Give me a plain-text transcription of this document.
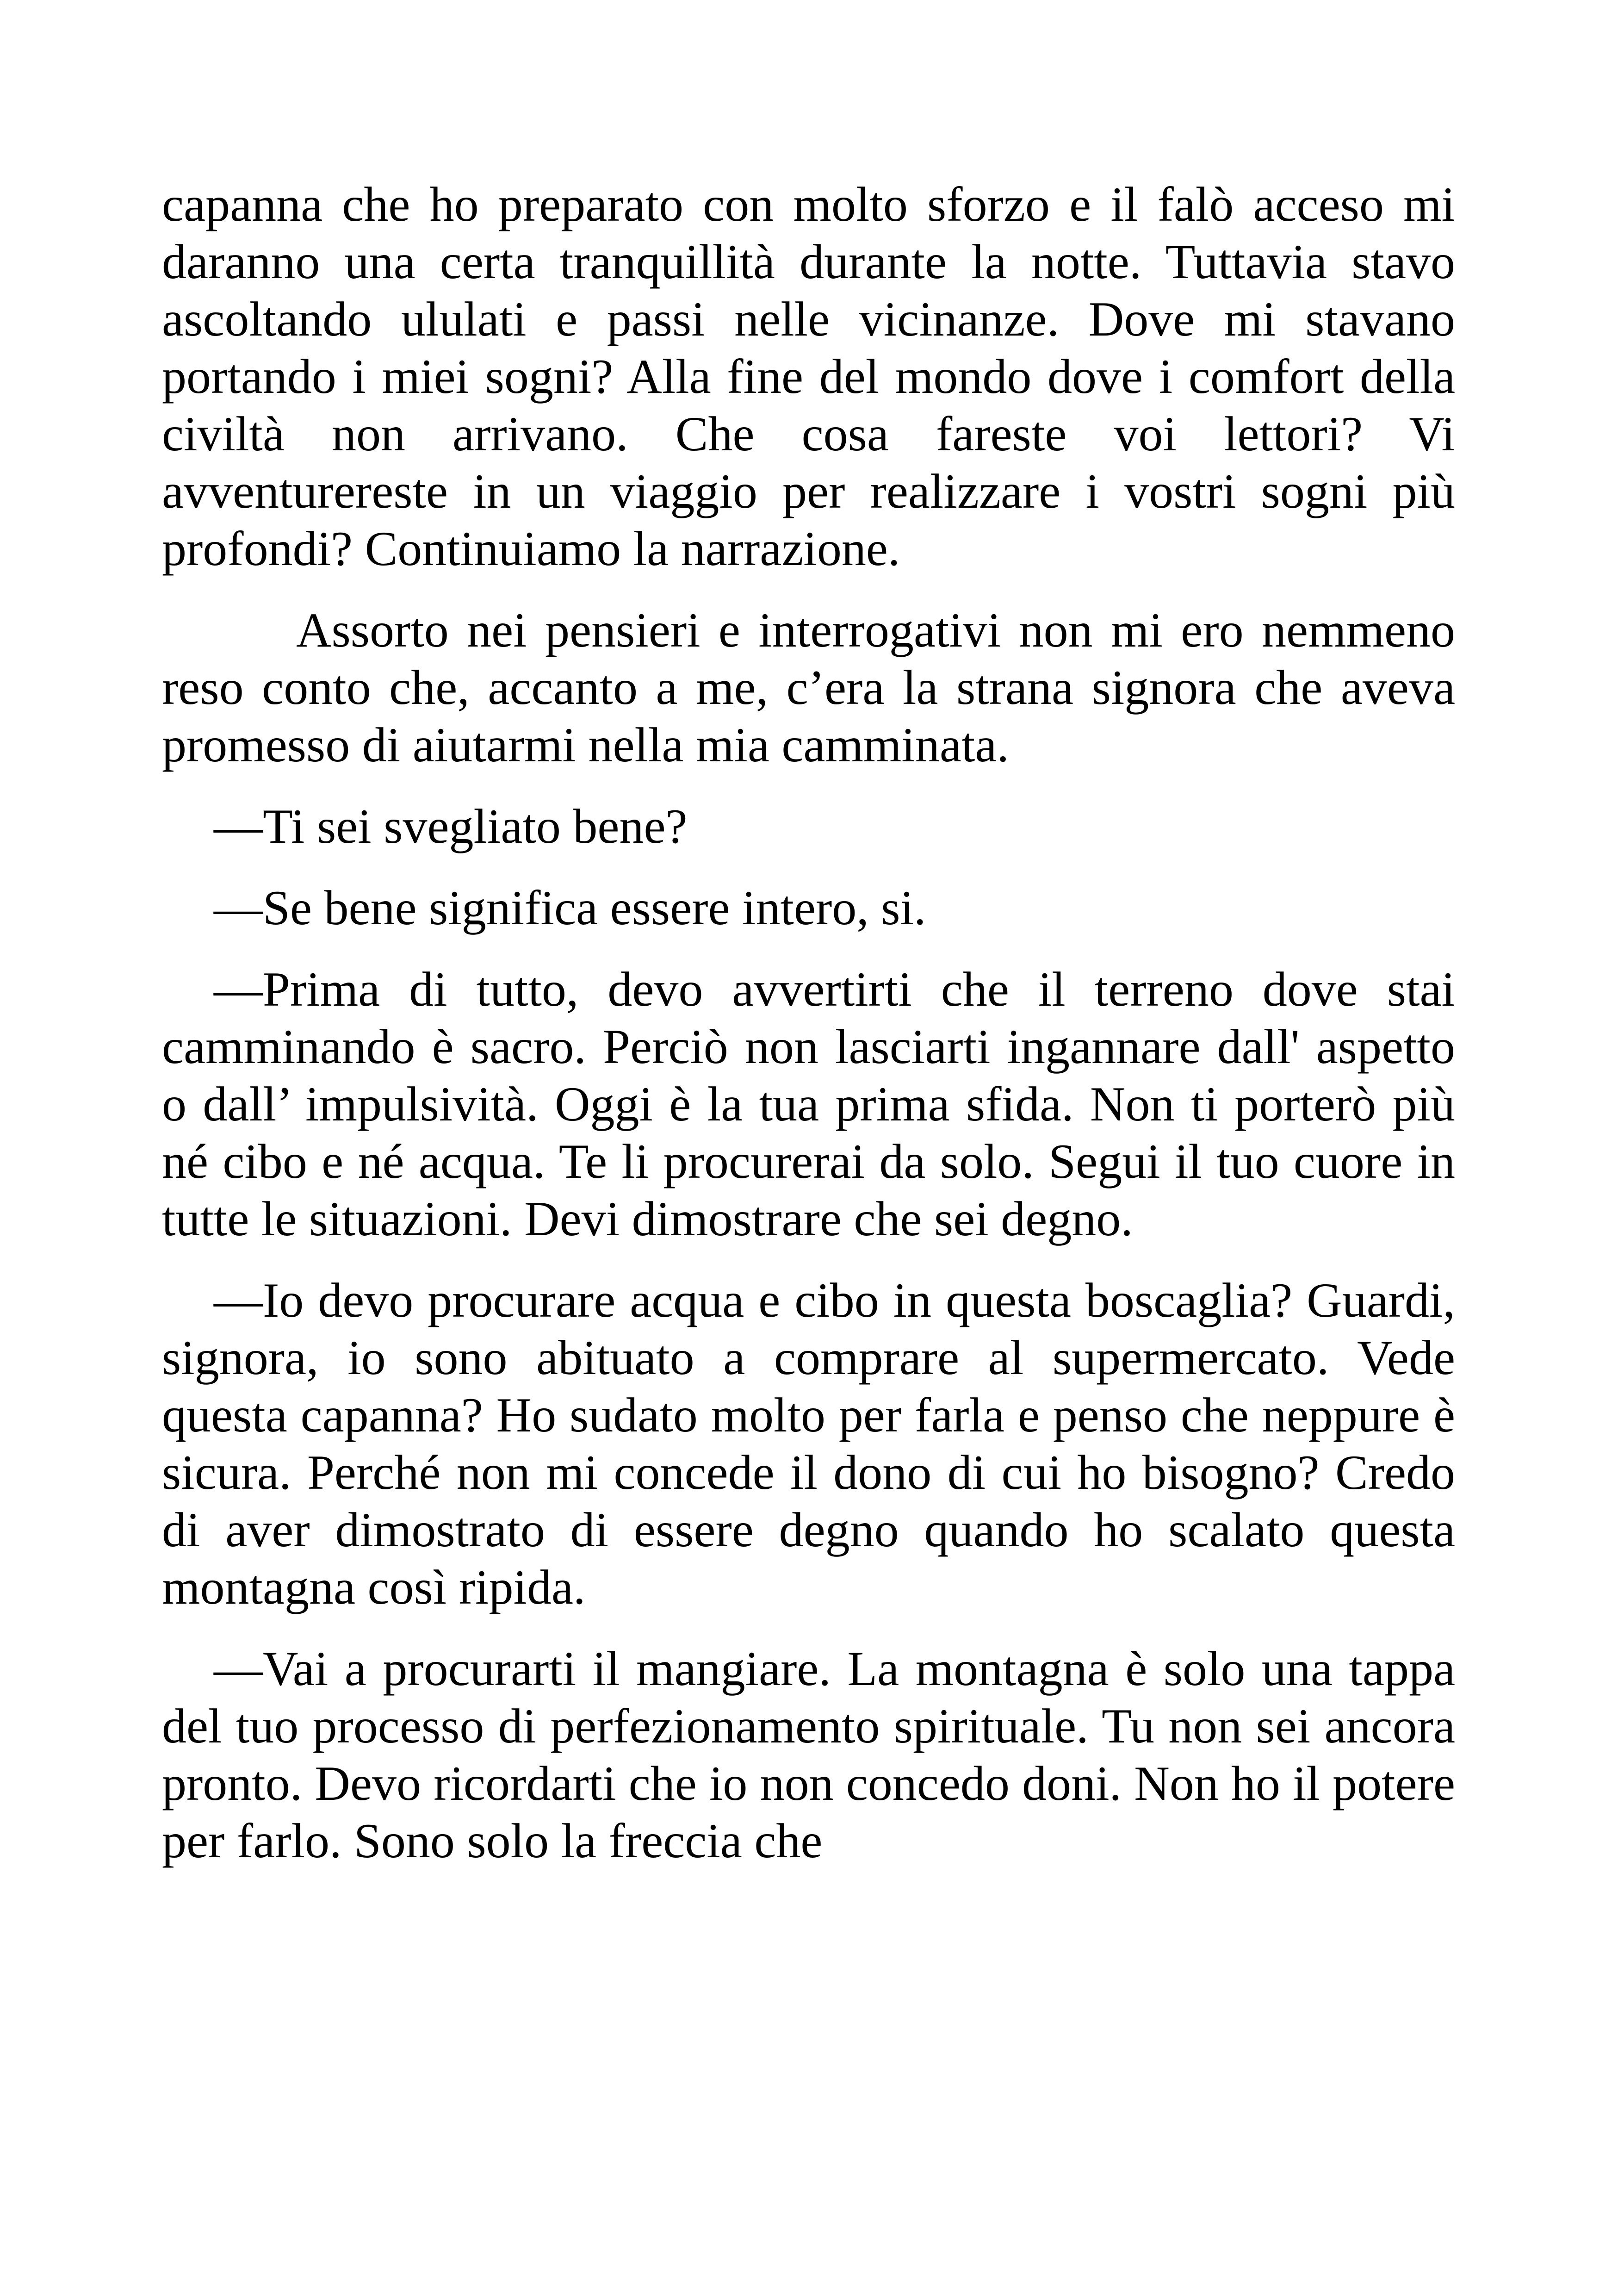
capanna che ho preparato con molto sforzo e il falò acceso mi daranno una certa tranquillità durante la notte. Tuttavia stavo ascoltando ululati e passi nelle vicinanze. Dove mi stavano portando i miei sogni? Alla fine del mondo dove i comfort della civiltà non arrivano. Che cosa fareste voi lettori? Vi avventurereste in un viaggio per realizzare i vostri sogni più profondi? Continuiamo la narrazione.

Assorto nei pensieri e interrogativi non mi ero nemmeno reso conto che, accanto a me, c’era la strana signora che aveva promesso di aiutarmi nella mia camminata.

—Ti sei svegliato bene?

—Se bene significa essere intero, si.

—Prima di tutto, devo avvertirti che il terreno dove stai camminando è sacro. Perciò non lasciarti ingannare dall' aspetto o dall’ impulsività. Oggi è la tua prima sfida. Non ti porterò più né cibo e né acqua. Te li procurerai da solo. Segui il tuo cuore in tutte le situazioni. Devi dimostrare che sei degno.

—Io devo procurare acqua e cibo in questa boscaglia? Guardi, signora, io sono abituato a comprare al supermercato. Vede questa capanna? Ho sudato molto per farla e penso che neppure è sicura. Perché non mi concede il dono di cui ho bisogno? Credo di aver dimostrato di essere degno quando ho scalato questa montagna così ripida.

—Vai a procurarti il mangiare. La montagna è solo una tappa del tuo processo di perfezionamento spirituale. Tu non sei ancora pronto. Devo ricordarti che io non concedo doni. Non ho il potere per farlo. Sono solo la freccia che
